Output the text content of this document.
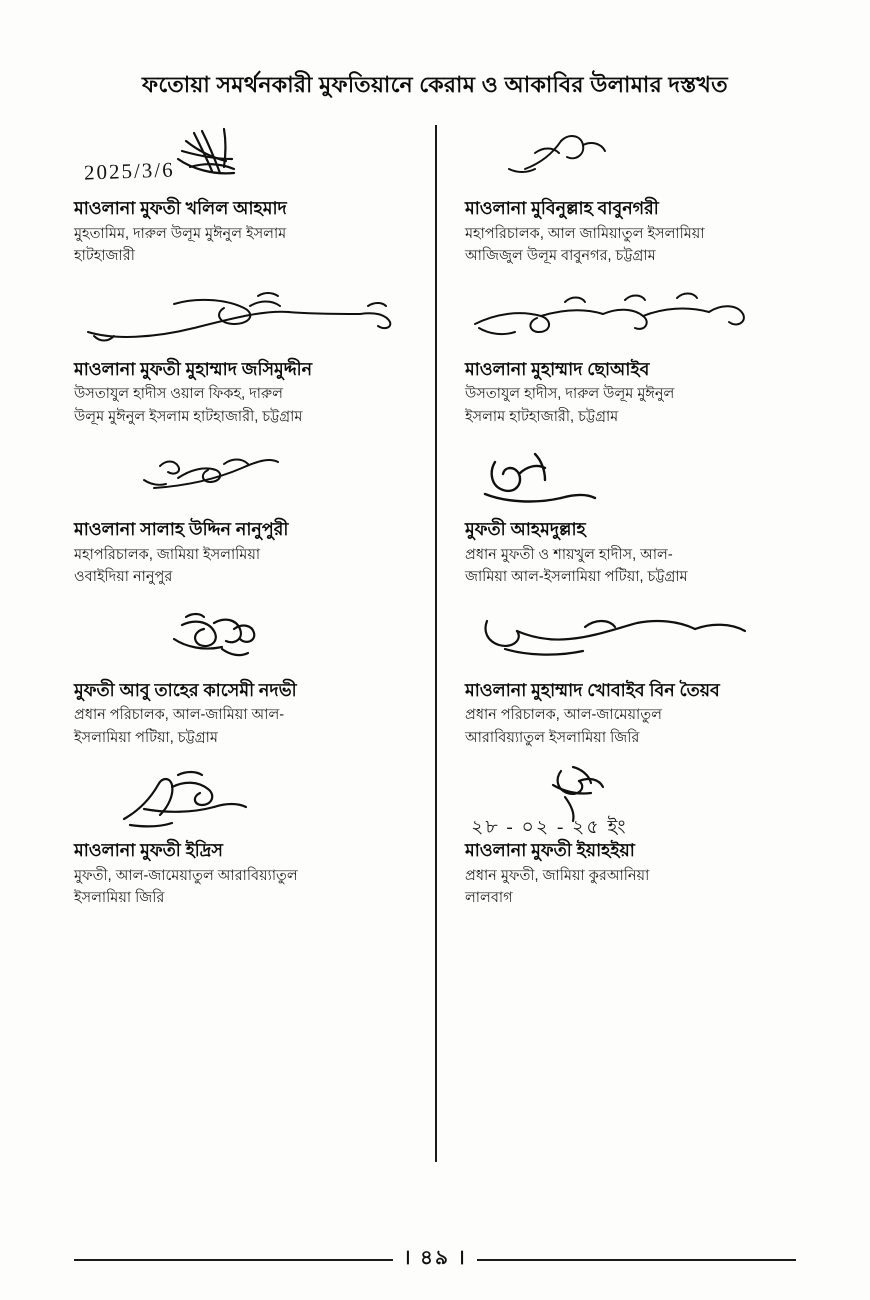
ফতোয়া সমর্থনকারী মুফতিয়ানে কেরাম ও আকাবির উলামার দস্তখত
2025/3/6
মাওলানা মুফতী খলিল আহমাদ
মুহতামিম, দারুল উলূম মুঈনুল ইসলাম
হাটহাজারী
মাওলানা মুফতী মুহাম্মাদ জসিমুদ্দীন
উসতাযুল হাদীস ওয়াল ফিকহ, দারুল
উলূম মুঈনুল ইসলাম হাটহাজারী, চট্টগ্রাম
মাওলানা সালাহ উদ্দিন নানুপুরী
মহাপরিচালক, জামিয়া ইসলামিয়া
ওবাইদিয়া নানুপুর
মুফতী আবু তাহের কাসেমী নদভী
প্রধান পরিচালক, আল-জামিয়া আল-
ইসলামিয়া পটিয়া, চট্টগ্রাম
মাওলানা মুফতী ইদ্রিস
মুফতী, আল-জামেয়াতুল আরাবিয়্যাতুল
ইসলামিয়া জিরি
মাওলানা মুবিনুল্লাহ বাবুনগরী
মহাপরিচালক, আল জামিয়াতুল ইসলামিয়া
আজিজুল উলূম বাবুনগর, চট্টগ্রাম
মাওলানা মুহাম্মাদ ছোআইব
উসতাযুল হাদীস, দারুল উলূম মুঈনুল
ইসলাম হাটহাজারী, চট্টগ্রাম
মুফতী আহমদুল্লাহ
প্রধান মুফতী ও শায়খুল হাদীস, আল-
জামিয়া আল-ইসলামিয়া পটিয়া, চট্টগ্রাম
মাওলানা মুহাম্মাদ খোবাইব বিন তৈয়ব
প্রধান পরিচালক, আল-জামেয়াতুল
আরাবিয়্যাতুল ইসলামিয়া জিরি
২৮ - ০২ - ২৫ ইং
মাওলানা মুফতী ইয়াহইয়া
প্রধান মুফতী, জামিয়া কুরআনিয়া
লালবাগ
। ৪৯ ।
